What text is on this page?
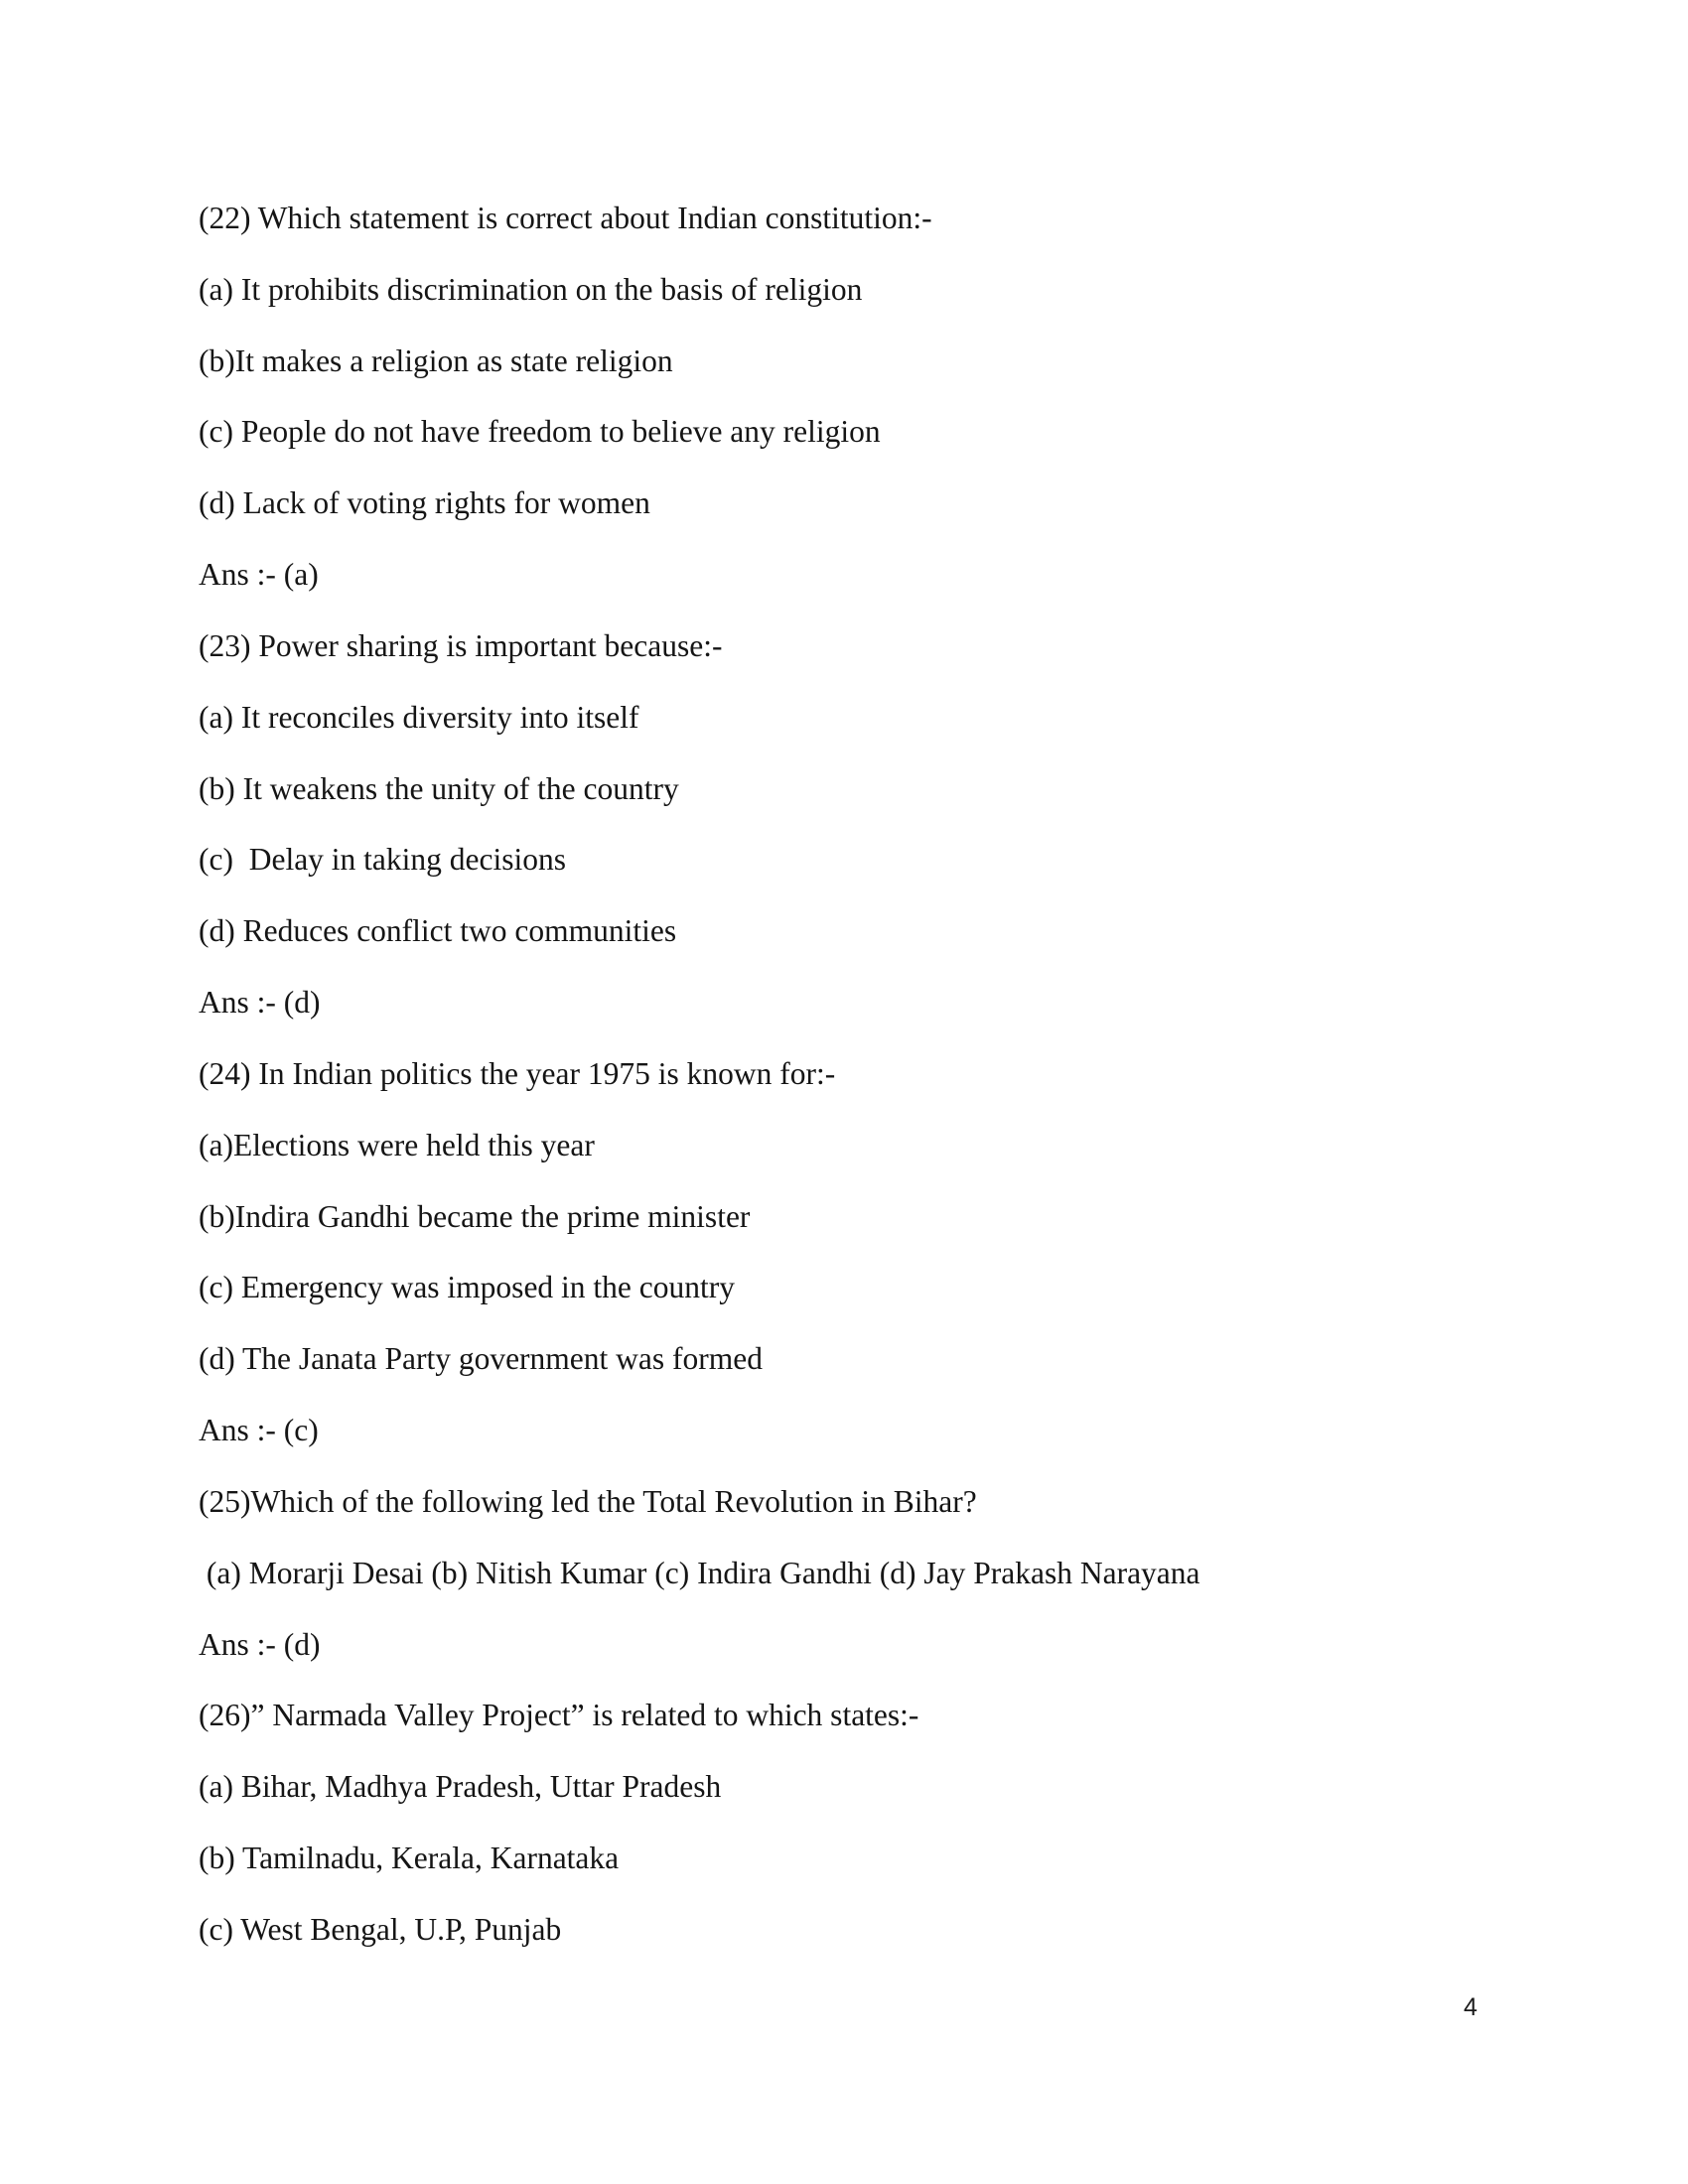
(22) Which statement is correct about Indian constitution:-
(a) It prohibits discrimination on the basis of religion
(b)It makes a religion as state religion
(c) People do not have freedom to believe any religion
(d) Lack of voting rights for women
Ans :- (a)
(23) Power sharing is important because:-
(a) It reconciles diversity into itself
(b) It weakens the unity of the country
(c)  Delay in taking decisions
(d) Reduces conflict two communities
Ans :- (d)
(24) In Indian politics the year 1975 is known for:-
(a)Elections were held this year
(b)Indira Gandhi became the prime minister
(c) Emergency was imposed in the country
(d) The Janata Party government was formed
Ans :- (c)
(25)Which of the following led the Total Revolution in Bihar?
(a) Morarji Desai (b) Nitish Kumar (c) Indira Gandhi (d) Jay Prakash Narayana
Ans :- (d)
(26)” Narmada Valley Project” is related to which states:-
(a) Bihar, Madhya Pradesh, Uttar Pradesh
(b) Tamilnadu, Kerala, Karnataka
(c) West Bengal, U.P, Punjab
4
